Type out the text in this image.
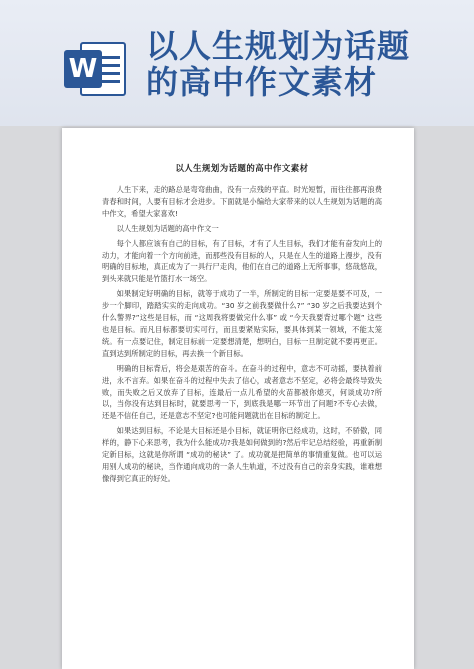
W
以人生规划为话题
的高中作文素材
以人生规划为话题的高中作文素材

人生下来，走的路总是弯弯曲曲，没有一点残的平直。时光短暂，而往往都再浪费青春和时间，人要有目标才会进步。下面就是小编给大家带来的以人生规划为话题的高中作文，希望大家喜欢!

以人生规划为话题的高中作文一

每个人都应该有自己的目标，有了目标，才有了人生目标，我们才能有奋发向上的动力，才能向着一个方向前进，而那些没有目标的人，只是在人生的道路上漫步，没有明确的目标地，真正成为了一具行尸走肉，他们在自己的道路上无所事事，悠哉悠哉，到头来就只能是竹篮打水一场空。

如果制定好明确的目标，就等于成功了一半，所制定的目标一定要是要不可及，一步一个脚印，踏踏实实的走向成功。“30 岁之前我要做什么?” “30 岁之后我要达到个什么警界?”这些是目标，而 “这周我将要做完什么事” 或 “今天我要背过哪个题” 这些也是目标。而凡目标都要切实可行，而且要紧贴实际，要具体到某一领域，不能太笼统。有一点要记住，制定目标前一定要想清楚，想明白，目标一旦制定就不要再更正。直到达到所制定的目标，再去换一个新目标。

明确的目标背后，将会是艰苦的奋斗。在奋斗的过程中，意志不可动摇，要执着前进，永不言弃。如果在奋斗的过程中失去了信心，或者意志不坚定，必将会最终导致失败，而失败之后又放弃了目标，连最后一点儿希望的火苗都被你熄灭，何谈成功?所以，当你没有达到目标时，就要思考一下，到底我是哪一环节出了问题?不专心去做，还是不信任自己，还是意志不坚定?也可能问题就出在目标的制定上。

如果达到目标，不论是大目标还是小目标，就证明你已经成功，这时，不骄傲，同样的，静下心来思考，我为什么能成功?我是如何做到的?然后牢记总结经验，再重新制定新目标，这就是你所谓 “成功的秘诀” 了。成功就是把简单的事情重复做。也可以运用别人成功的秘诀，当作通向成功的一条人生轨道，不过没有自己的亲身实践，谁难想像得到它真正的好处。
